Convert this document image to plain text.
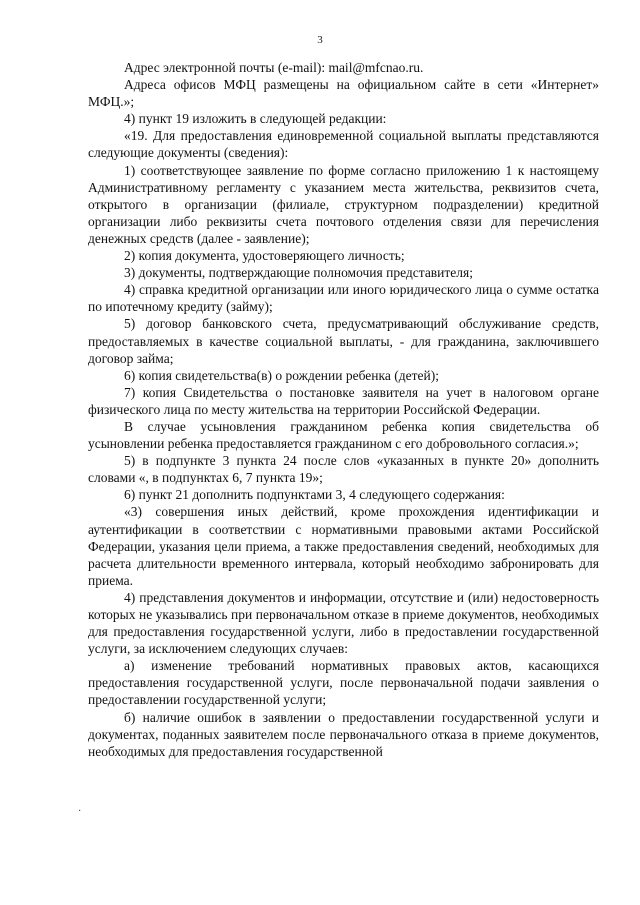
3

Адрес электронной почты (e-mail): mail@mfcnao.ru.

Адреса офисов МФЦ размещены на официальном сайте в сети «Интернет» МФЦ.»;

4) пункт 19 изложить в следующей редакции:

«19. Для предоставления единовременной социальной выплаты представляются следующие документы (сведения):

1) соответствующее заявление по форме согласно приложению 1 к настоящему Административному регламенту с указанием места жительства, реквизитов счета, открытого в организации (филиале, структурном подразделении) кредитной организации либо реквизиты счета почтового отделения связи для перечисления денежных средств (далее - заявление);

2) копия документа, удостоверяющего личность;

3) документы, подтверждающие полномочия представителя;

4) справка кредитной организации или иного юридического лица о сумме остатка по ипотечному кредиту (займу);

5) договор банковского счета, предусматривающий обслуживание средств, предоставляемых в качестве социальной выплаты, - для гражданина, заключившего договор займа;

6) копия свидетельства(в) о рождении ребенка (детей);

7) копия Свидетельства о постановке заявителя на учет в налоговом органе физического лица по месту жительства на территории Российской Федерации.

В случае усыновления гражданином ребенка копия свидетельства об усыновлении ребенка предоставляется гражданином с его добровольного согласия.»;

5) в подпункте 3 пункта 24 после слов «указанных в пункте 20» дополнить словами «, в подпунктах 6, 7 пункта 19»;

6) пункт 21 дополнить подпунктами 3, 4 следующего содержания:

«3) совершения иных действий, кроме прохождения идентификации и аутентификации в соответствии с нормативными правовыми актами Российской Федерации, указания цели приема, а также предоставления сведений, необходимых для расчета длительности временного интервала, который необходимо забронировать для приема.

4) представления документов и информации, отсутствие и (или) недостоверность которых не указывались при первоначальном отказе в приеме документов, необходимых для предоставления государственной услуги, либо в предоставлении государственной услуги, за исключением следующих случаев:

а) изменение требований нормативных правовых актов, касающихся предоставления государственной услуги, после первоначальной подачи заявления о предоставлении государственной услуги;

б) наличие ошибок в заявлении о предоставлении государственной услуги и документах, поданных заявителем после первоначального отказа в приеме документов, необходимых для предоставления государственной

·
